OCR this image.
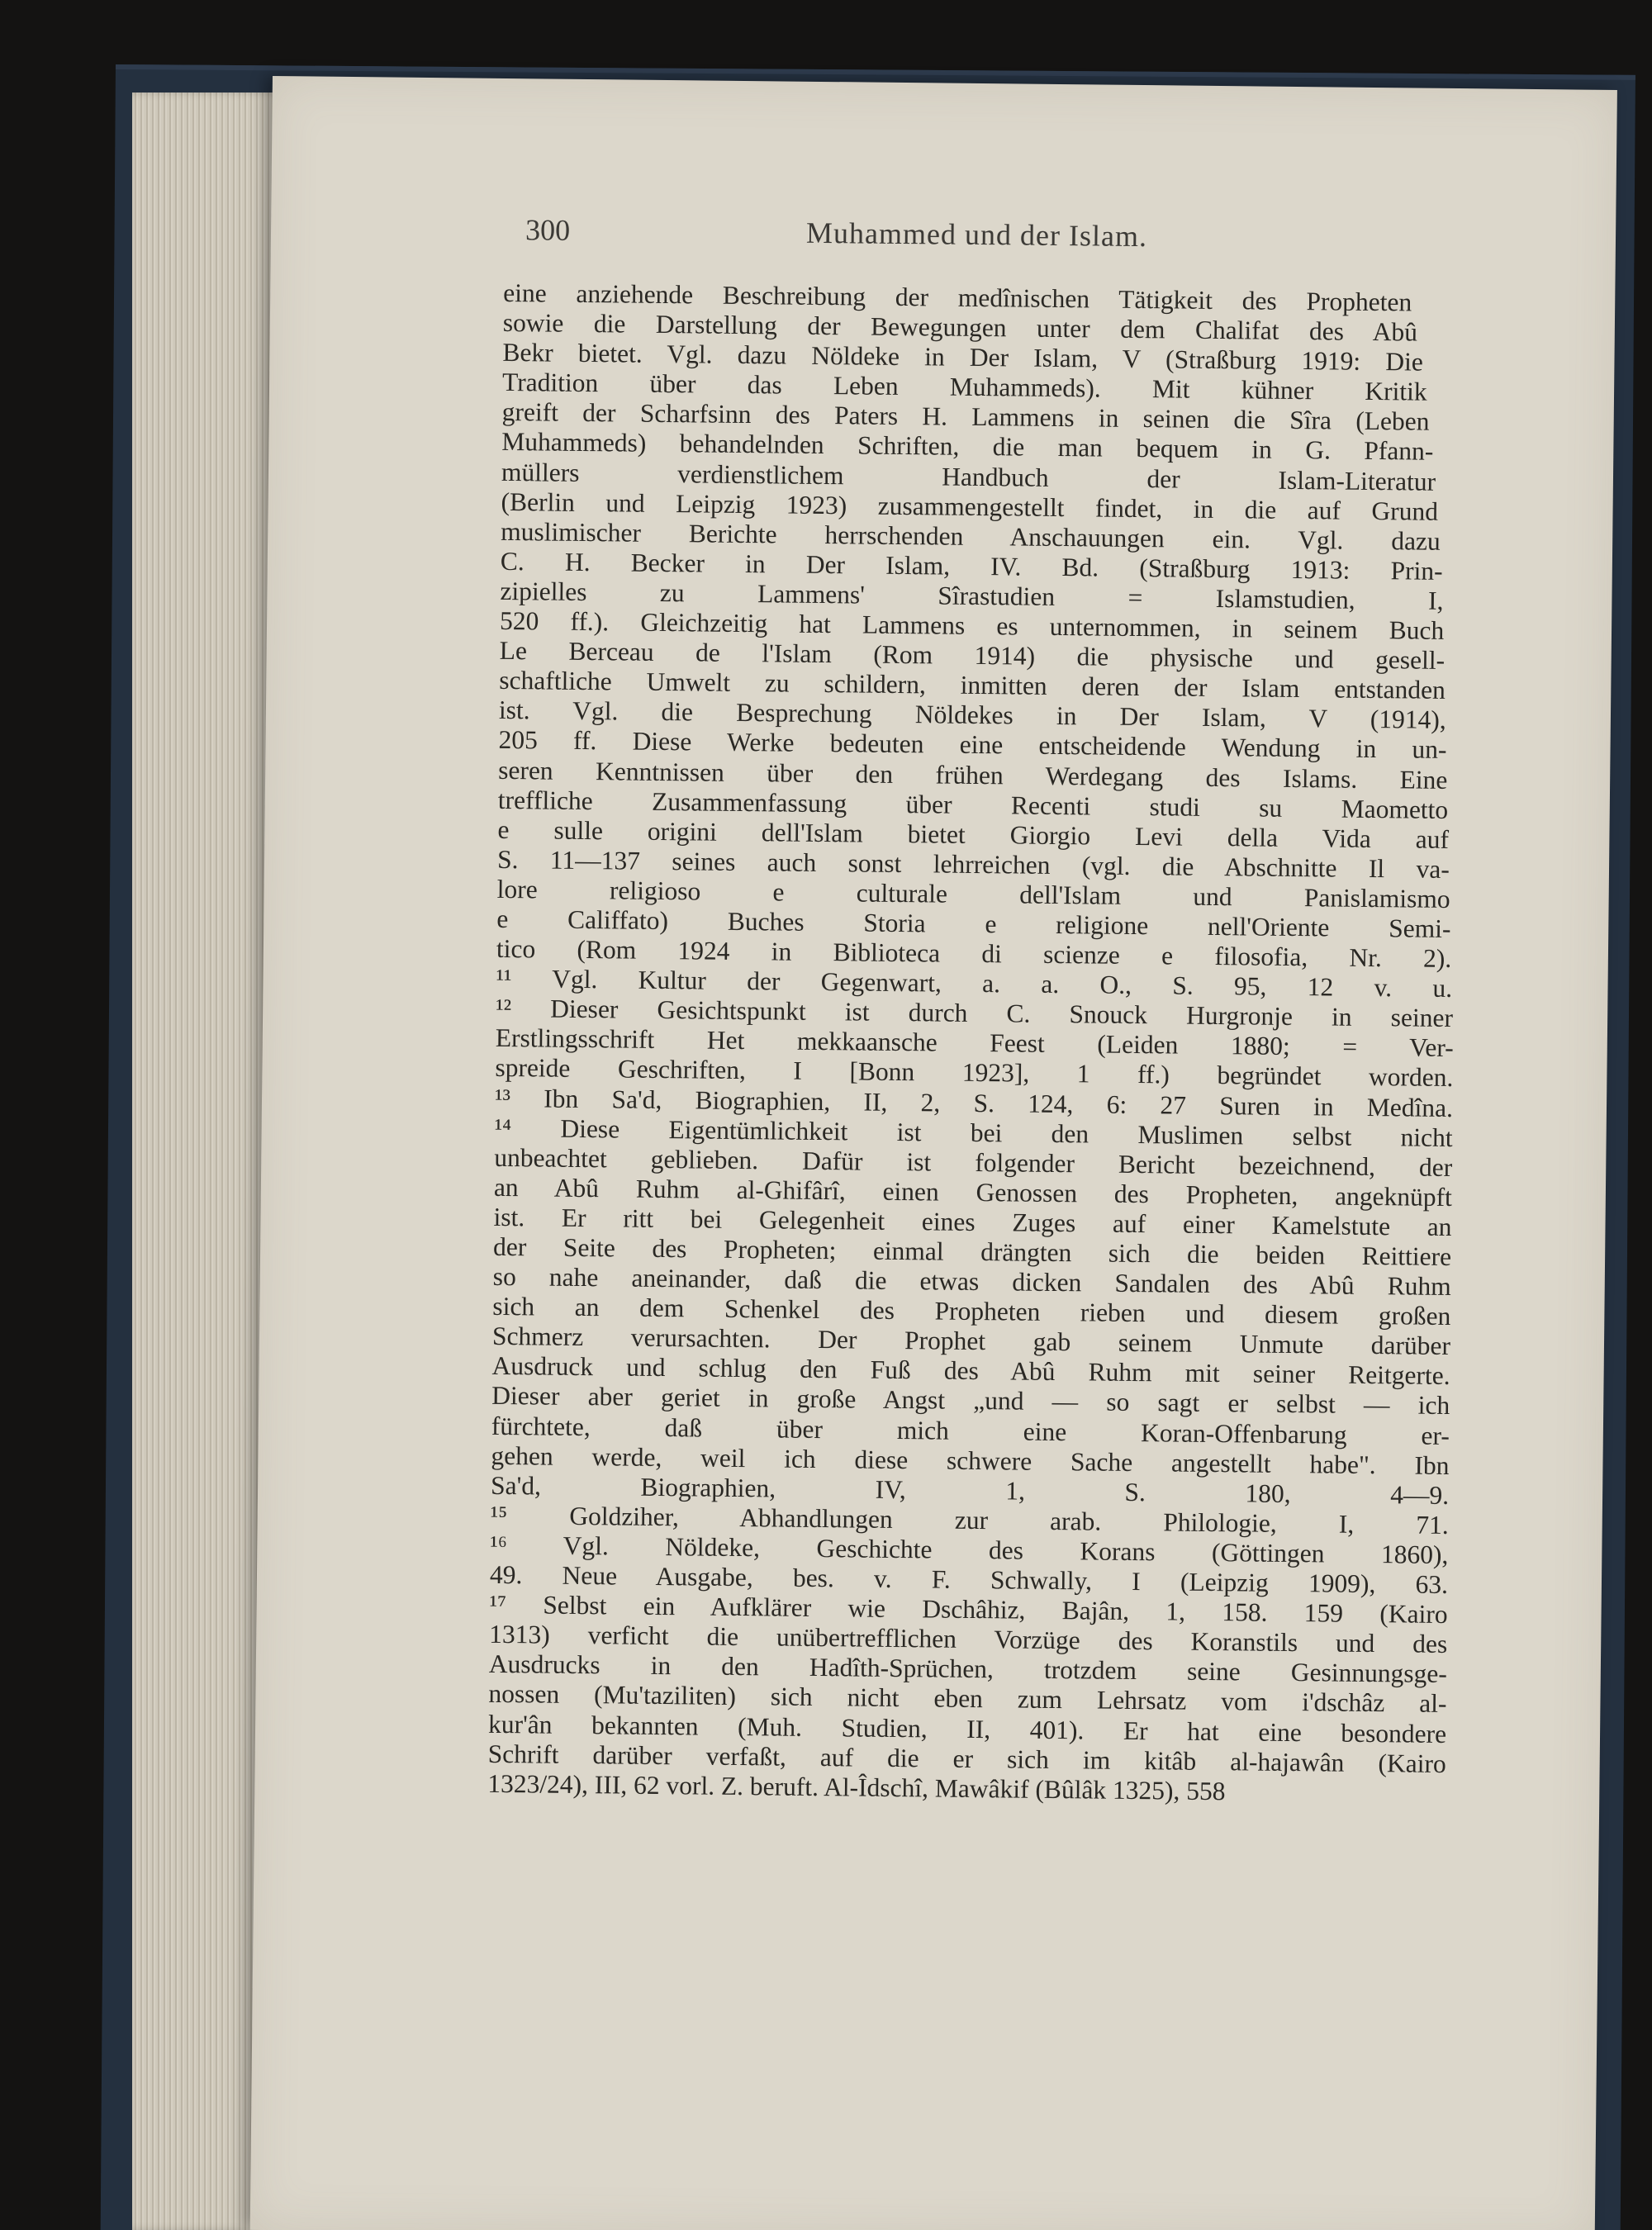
300	Muhammed und der Islam.
eine anziehende Beschreibung der medînischen Tätigkeit des Propheten
sowie die Darstellung der Bewegungen unter dem Chalifat des Abû
Bekr bietet. Vgl. dazu Nöldeke in Der Islam, V (Straßburg 1919: Die
Tradition über das Leben Muhammeds). Mit kühner Kritik
greift der Scharfsinn des Paters H. Lammens in seinen die Sîra (Leben
Muhammeds) behandelnden Schriften, die man bequem in G. Pfann-
müllers verdienstlichem Handbuch der Islam-Literatur
(Berlin und Leipzig 1923) zusammengestellt findet, in die auf Grund
muslimischer Berichte herrschenden Anschauungen ein. Vgl. dazu
C. H. Becker in Der Islam, IV. Bd. (Straßburg 1913: Prin-
zipielles zu Lammens' Sîrastudien = Islamstudien, I,
520 ff.). Gleichzeitig hat Lammens es unternommen, in seinem Buch
Le Berceau de l'Islam (Rom 1914) die physische und gesell-
schaftliche Umwelt zu schildern, inmitten deren der Islam entstanden
ist. Vgl. die Besprechung Nöldekes in Der Islam, V (1914),
205 ff. Diese Werke bedeuten eine entscheidende Wendung in un-
seren Kenntnissen über den frühen Werdegang des Islams. Eine
treffliche Zusammenfassung über Recenti studi su Maometto
e sulle origini dell'Islam bietet Giorgio Levi della Vida auf
S. 11—137 seines auch sonst lehrreichen (vgl. die Abschnitte Il va-
lore religioso e culturale dell'Islam und Panislamismo
e Califfato) Buches Storia e religione nell'Oriente Semi-
tico (Rom 1924 in Biblioteca di scienze e filosofia, Nr. 2).
¹¹ Vgl. Kultur der Gegenwart, a. a. O., S. 95, 12 v. u.
¹² Dieser Gesichtspunkt ist durch C. Snouck Hurgronje in seiner
Erstlingsschrift Het mekkaansche Feest (Leiden 1880; = Ver-
spreide Geschriften, I [Bonn 1923], 1 ff.) begründet worden.
¹³ Ibn Sa'd, Biographien, II, 2, S. 124, 6: 27 Suren in Medîna.
¹⁴ Diese Eigentümlichkeit ist bei den Muslimen selbst nicht
unbeachtet geblieben. Dafür ist folgender Bericht bezeichnend, der
an Abû Ruhm al-Ghifârî, einen Genossen des Propheten, angeknüpft
ist. Er ritt bei Gelegenheit eines Zuges auf einer Kamelstute an
der Seite des Propheten; einmal drängten sich die beiden Reittiere
so nahe aneinander, daß die etwas dicken Sandalen des Abû Ruhm
sich an dem Schenkel des Propheten rieben und diesem großen
Schmerz verursachten. Der Prophet gab seinem Unmute darüber
Ausdruck und schlug den Fuß des Abû Ruhm mit seiner Reitgerte.
Dieser aber geriet in große Angst „und — so sagt er selbst — ich
fürchtete, daß über mich eine Koran-Offenbarung er-
gehen werde, weil ich diese schwere Sache angestellt habe". Ibn
Sa'd, Biographien, IV, 1, S. 180, 4—9.
¹⁵ Goldziher, Abhandlungen zur arab. Philologie, I, 71.
¹⁶ Vgl. Nöldeke, Geschichte des Korans (Göttingen 1860),
49. Neue Ausgabe, bes. v. F. Schwally, I (Leipzig 1909), 63.
¹⁷ Selbst ein Aufklärer wie Dschâhiz, Bajân, 1, 158. 159 (Kairo
1313) verficht die unübertrefflichen Vorzüge des Koranstils und des
Ausdrucks in den Hadîth-Sprüchen, trotzdem seine Gesinnungsge-
nossen (Mu'taziliten) sich nicht eben zum Lehrsatz vom i'dschâz al-
kur'ân bekannten (Muh. Studien, II, 401). Er hat eine besondere
Schrift darüber verfaßt, auf die er sich im kitâb al-hajawân (Kairo
1323/24), III, 62 vorl. Z. beruft. Al-Îdschî, Mawâkif (Bûlâk 1325), 558
